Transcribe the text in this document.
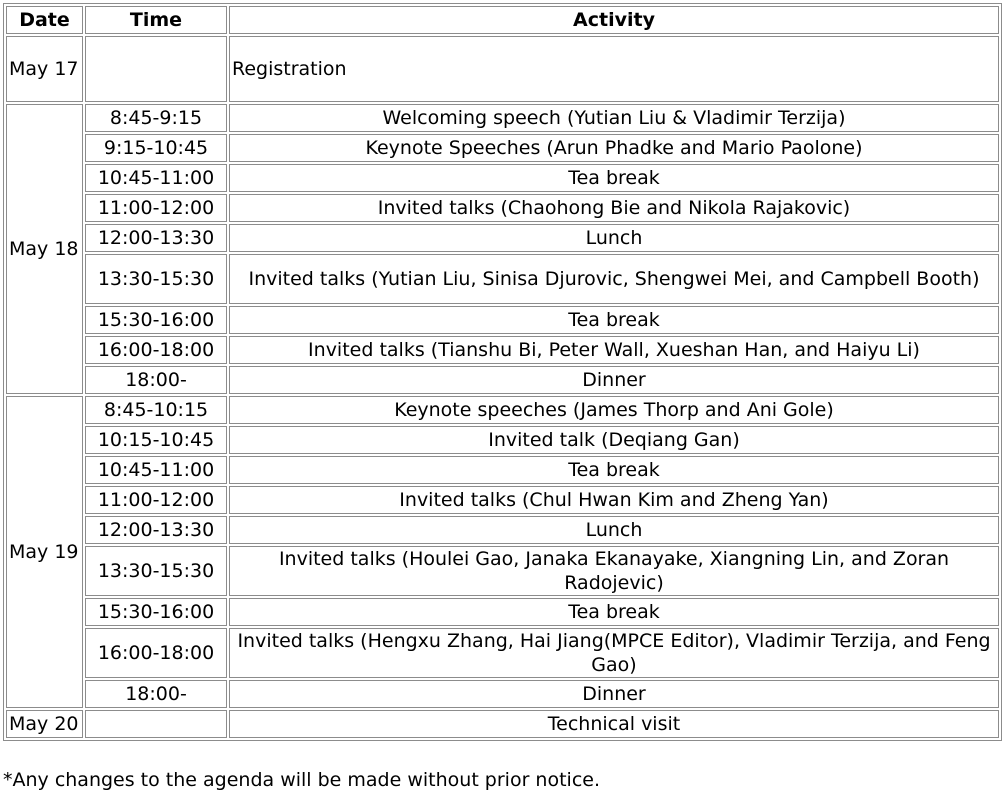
Date	Time	Activity
May 17		Registration
May 18	8:45-9:15	Welcoming speech (Yutian Liu & Vladimir Terzija)
	9:15-10:45	Keynote Speeches (Arun Phadke and Mario Paolone)
	10:45-11:00	Tea break
	11:00-12:00	Invited talks (Chaohong Bie and Nikola Rajakovic)
	12:00-13:30	Lunch
	13:30-15:30	Invited talks (Yutian Liu, Sinisa Djurovic, Shengwei Mei, and Campbell Booth)
	15:30-16:00	Tea break
	16:00-18:00	Invited talks (Tianshu Bi, Peter Wall, Xueshan Han, and Haiyu Li)
	18:00-	Dinner
May 19	8:45-10:15	Keynote speeches (James Thorp and Ani Gole)
	10:15-10:45	Invited talk (Deqiang Gan)
	10:45-11:00	Tea break
	11:00-12:00	Invited talks (Chul Hwan Kim and Zheng Yan)
	12:00-13:30	Lunch
	13:30-15:30	Invited talks (Houlei Gao, Janaka Ekanayake, Xiangning Lin, and Zoran Radojevic)
	15:30-16:00	Tea break
	16:00-18:00	Invited talks (Hengxu Zhang, Hai Jiang(MPCE Editor), Vladimir Terzija, and Feng Gao)
	18:00-	Dinner
May 20		Technical visit
*Any changes to the agenda will be made without prior notice.
